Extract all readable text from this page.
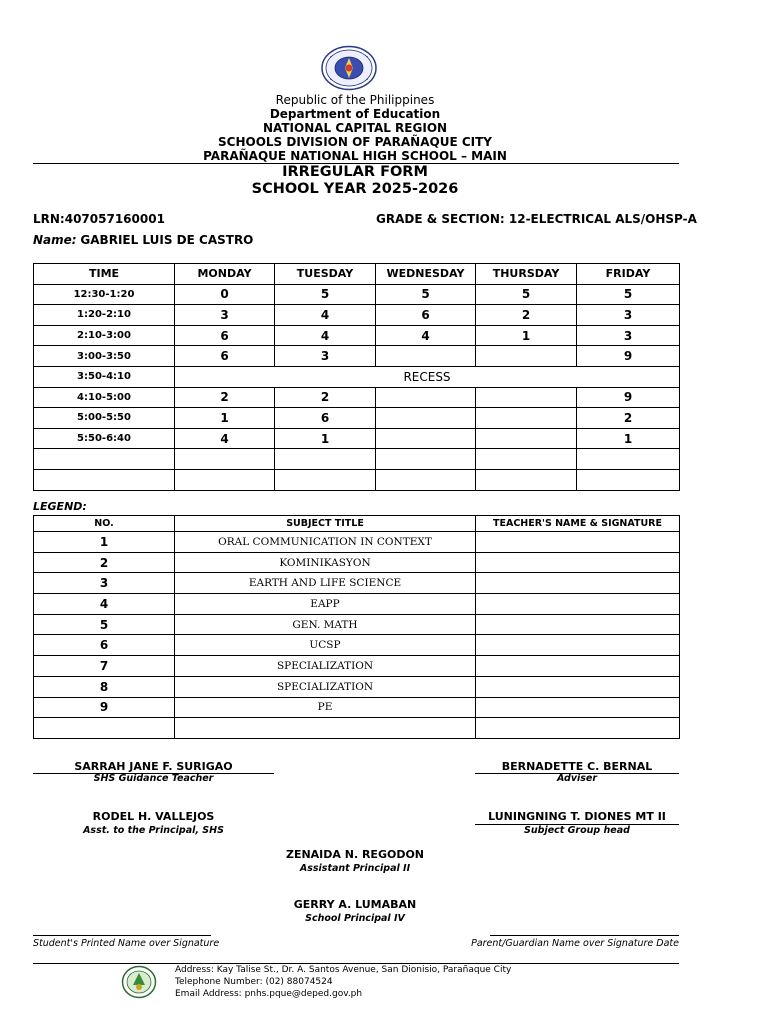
Republic of the Philippines
Department of Education
NATIONAL CAPITAL REGION
SCHOOLS DIVISION OF PARAÑAQUE CITY
PARAÑAQUE NATIONAL HIGH SCHOOL – MAIN
IRREGULAR FORM
SCHOOL YEAR 2025-2026
LRN:407057160001	GRADE & SECTION: 12-ELECTRICAL ALS/OHSP-A
Name: GABRIEL LUIS DE CASTRO
TIME	MONDAY	TUESDAY	WEDNESDAY	THURSDAY	FRIDAY
12:30-1:20	0	5	5	5	5
1:20-2:10	3	4	6	2	3
2:10-3:00	6	4	4	1	3
3:00-3:50	6	3			9
3:50-4:10	RECESS				
4:10-5:00	2	2			9
5:00-5:50	1	6			2
5:50-6:40	4	1			1

LEGEND:
NO.	SUBJECT TITLE	TEACHER'S NAME & SIGNATURE
1	ORAL COMMUNICATION IN CONTEXT	
2	KOMINIKASYON	
3	EARTH AND LIFE SCIENCE	
4	EAPP	
5	GEN. MATH	
6	UCSP	
7	SPECIALIZATION	
8	SPECIALIZATION	
9	PE	

SARRAH JANE F. SURIGAO
SHS Guidance Teacher
BERNADETTE C. BERNAL
Adviser
RODEL H. VALLEJOS
Asst. to the Principal, SHS
LUNINGNING T. DIONES MT II
Subject Group head
ZENAIDA N. REGODON
Assistant Principal II
GERRY A. LUMABAN
School Principal IV
Student's Printed Name over Signature	Parent/Guardian Name over Signature Date
Address: Kay Talise St., Dr. A. Santos Avenue, San Dionisio, Parañaque City
Telephone Number: (02) 88074524
Email Address: pnhs.pque@deped.gov.ph
